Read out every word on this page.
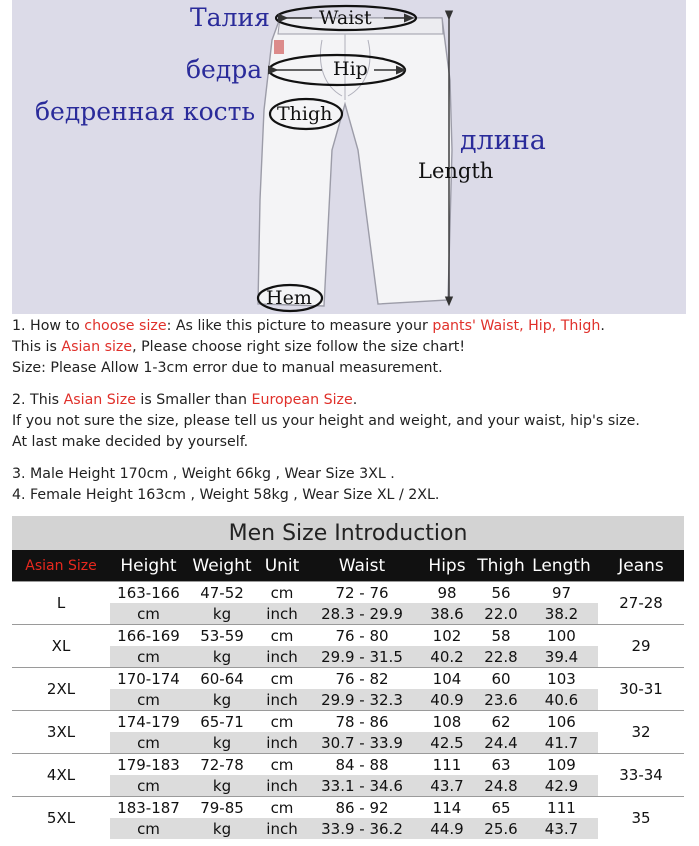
Талия
бедра
бедренная кость
длина
Waist
Hip
Thigh
Length
Hem

1. How to choose size: As like this picture to measure your pants' Waist, Hip, Thigh.

This is Asian size, Please choose right size follow the size chart!

Size: Please Allow 1-3cm error due to manual measurement.

2. This Asian Size is Smaller than European Size.

If you not sure the size, please tell us your height and weight, and your waist, hip's size.

At last make decided by yourself.

3. Male Height 170cm , Weight 66kg , Wear Size 3XL .

4. Female Height 163cm , Weight 58kg , Wear Size XL / 2XL.

Men Size Introduction								
Asian Size	Height	Weight	Unit	Waist	Hips	Thigh	Length	Jeans
L	163-166	47-52	cm	72 - 76	98	56	97	27-28
	cm	kg	inch	28.3 - 29.9	38.6	22.0	38.2	
XL	166-169	53-59	cm	76 - 80	102	58	100	29
	cm	kg	inch	29.9 - 31.5	40.2	22.8	39.4	
2XL	170-174	60-64	cm	76 - 82	104	60	103	30-31
	cm	kg	inch	29.9 - 32.3	40.9	23.6	40.6	
3XL	174-179	65-71	cm	78 - 86	108	62	106	32
	cm	kg	inch	30.7 - 33.9	42.5	24.4	41.7	
4XL	179-183	72-78	cm	84 - 88	111	63	109	33-34
	cm	kg	inch	33.1 - 34.6	43.7	24.8	42.9	
5XL	183-187	79-85	cm	86 - 92	114	65	111	35
	cm	kg	inch	33.9 - 36.2	44.9	25.6	43.7	
